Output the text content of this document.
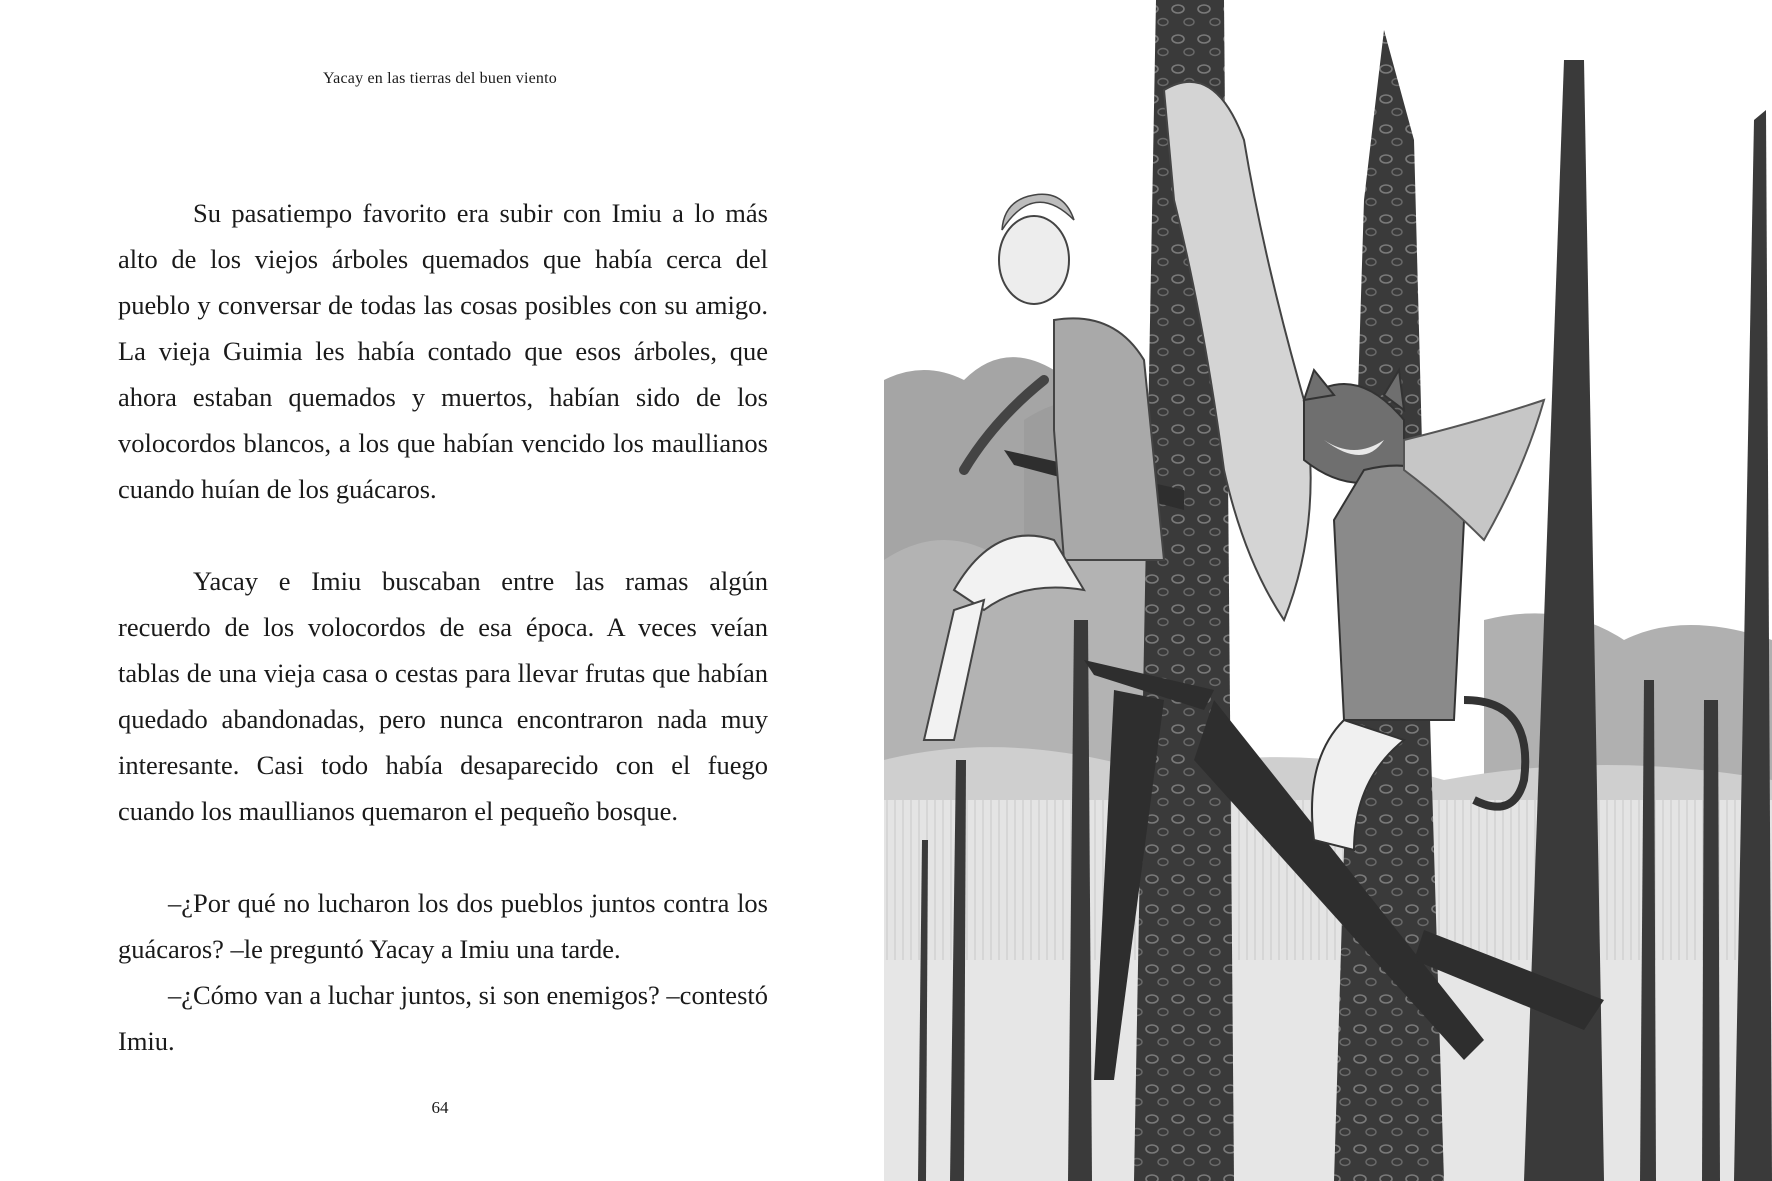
Yacay en las tierras del buen viento

Su pasatiempo favorito era subir con Imiu a lo más alto de los viejos árboles quemados que había cerca del pueblo y conversar de todas las cosas posibles con su amigo. La vieja Guimia les había contado que esos árboles, que ahora estaban quemados y muertos, habían sido de los volocordos blancos, a los que habían vencido los maullianos cuando huían de los guácaros.

Yacay e Imiu buscaban entre las ramas algún recuerdo de los volocordos de esa época. A veces veían tablas de una vieja casa o cestas para llevar frutas que habían quedado abandonadas, pero nunca encontraron nada muy interesante. Casi todo había desaparecido con el fuego cuando los maullianos quemaron el pequeño bosque.

–¿Por qué no lucharon los dos pueblos juntos contra los guácaros? –le preguntó Yacay a Imiu una tarde.

–¿Cómo van a luchar juntos, si son enemigos? –contestó Imiu.

64
